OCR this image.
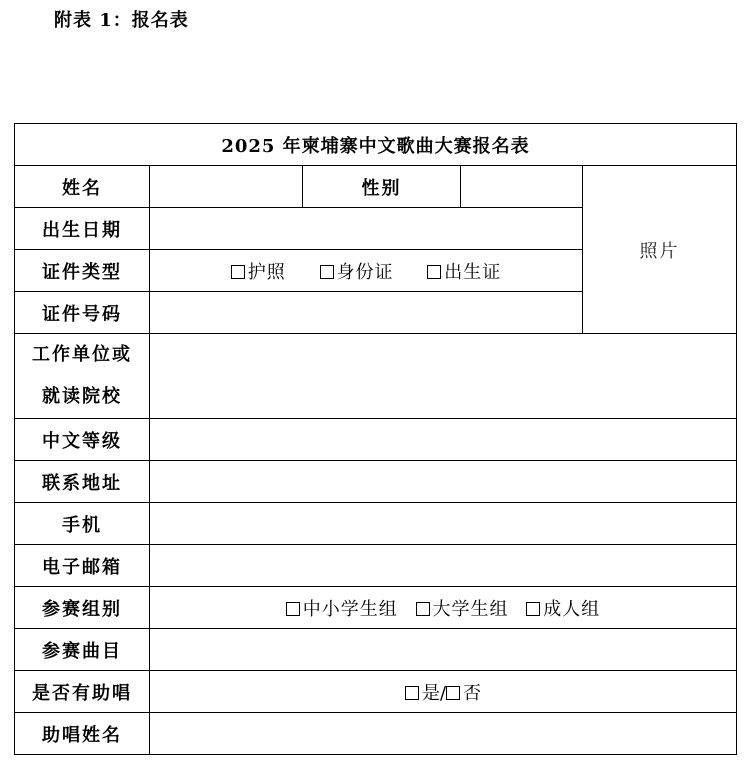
附表 1：报名表
2025 年柬埔寨中文歌曲大赛报名表				
姓名		性别		照片
出生日期				
证件类型	护照 身份证 出生证			
证件号码				

工作单位或
就读院校				

中文等级				
联系地址				
手机				
电子邮箱				
参赛组别	中小学生组 大学生组 成人组			
参赛曲目				
是否有助唱	是/ 否			
助唱姓名				
